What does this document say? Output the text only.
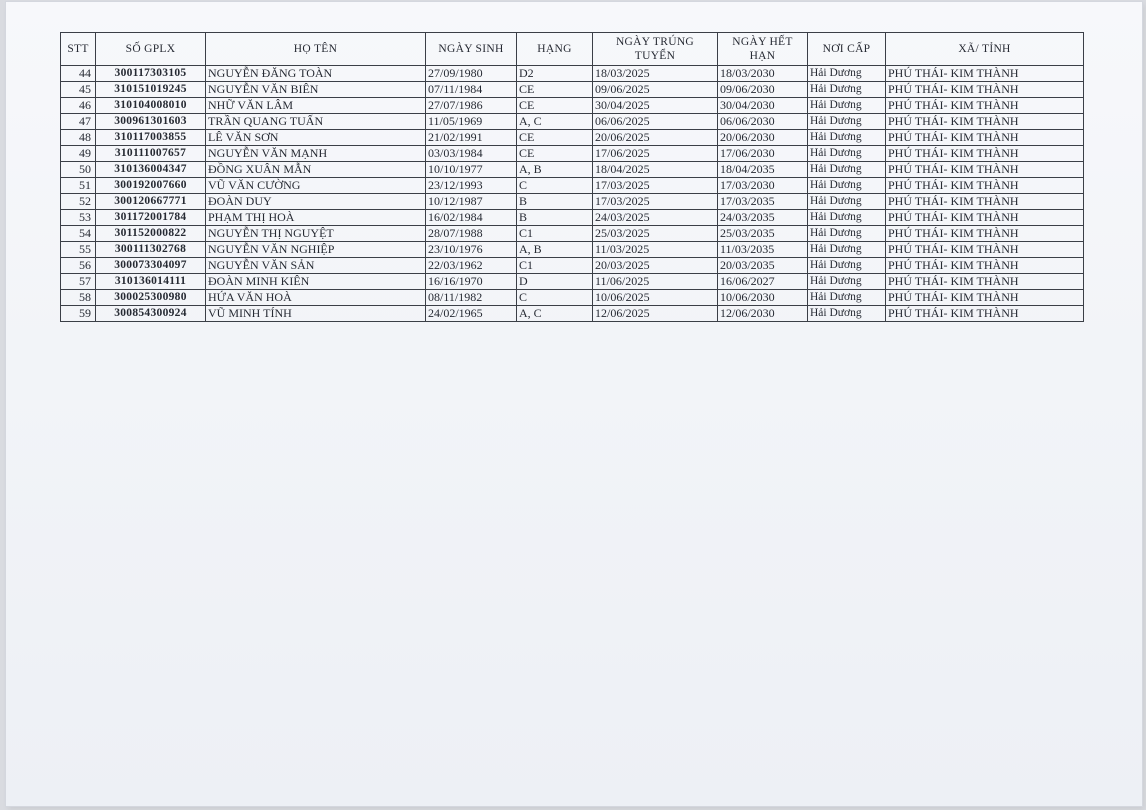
STT	SỐ GPLX	HỌ TÊN	NGÀY SINH	HẠNG	NGÀY TRÚNG TUYỂN	NGÀY HẾT HẠN	NƠI CẤP	XÃ/ TỈNH
44	300117303105	NGUYỄN ĐĂNG TOÀN	27/09/1980	D2	18/03/2025	18/03/2030	Hải Dương	PHÚ THÁI- KIM THÀNH
45	310151019245	NGUYỄN VĂN BIÊN	07/11/1984	CE	09/06/2025	09/06/2030	Hải Dương	PHÚ THÁI- KIM THÀNH
46	310104008010	NHỮ VĂN LÂM	27/07/1986	CE	30/04/2025	30/04/2030	Hải Dương	PHÚ THÁI- KIM THÀNH
47	300961301603	TRẦN QUANG TUẤN	11/05/1969	A, C	06/06/2025	06/06/2030	Hải Dương	PHÚ THÁI- KIM THÀNH
48	310117003855	LÊ VĂN SƠN	21/02/1991	CE	20/06/2025	20/06/2030	Hải Dương	PHÚ THÁI- KIM THÀNH
49	310111007657	NGUYỄN VĂN MẠNH	03/03/1984	CE	17/06/2025	17/06/2030	Hải Dương	PHÚ THÁI- KIM THÀNH
50	310136004347	ĐỒNG XUÂN MẪN	10/10/1977	A, B	18/04/2025	18/04/2035	Hải Dương	PHÚ THÁI- KIM THÀNH
51	300192007660	VŨ VĂN CƯỜNG	23/12/1993	C	17/03/2025	17/03/2030	Hải Dương	PHÚ THÁI- KIM THÀNH
52	300120667771	ĐOÀN DUY	10/12/1987	B	17/03/2025	17/03/2035	Hải Dương	PHÚ THÁI- KIM THÀNH
53	301172001784	PHẠM THỊ HOÀ	16/02/1984	B	24/03/2025	24/03/2035	Hải Dương	PHÚ THÁI- KIM THÀNH
54	301152000822	NGUYỄN THỊ NGUYỆT	28/07/1988	C1	25/03/2025	25/03/2035	Hải Dương	PHÚ THÁI- KIM THÀNH
55	300111302768	NGUYỄN VĂN NGHIỆP	23/10/1976	A, B	11/03/2025	11/03/2035	Hải Dương	PHÚ THÁI- KIM THÀNH
56	300073304097	NGUYỄN VĂN SẢN	22/03/1962	C1	20/03/2025	20/03/2035	Hải Dương	PHÚ THÁI- KIM THÀNH
57	310136014111	ĐOÀN MINH KIÊN	16/16/1970	D	11/06/2025	16/06/2027	Hải Dương	PHÚ THÁI- KIM THÀNH
58	300025300980	HỨA VĂN HOÀ	08/11/1982	C	10/06/2025	10/06/2030	Hải Dương	PHÚ THÁI- KIM THÀNH
59	300854300924	VŨ MINH TÍNH	24/02/1965	A, C	12/06/2025	12/06/2030	Hải Dương	PHÚ THÁI- KIM THÀNH
